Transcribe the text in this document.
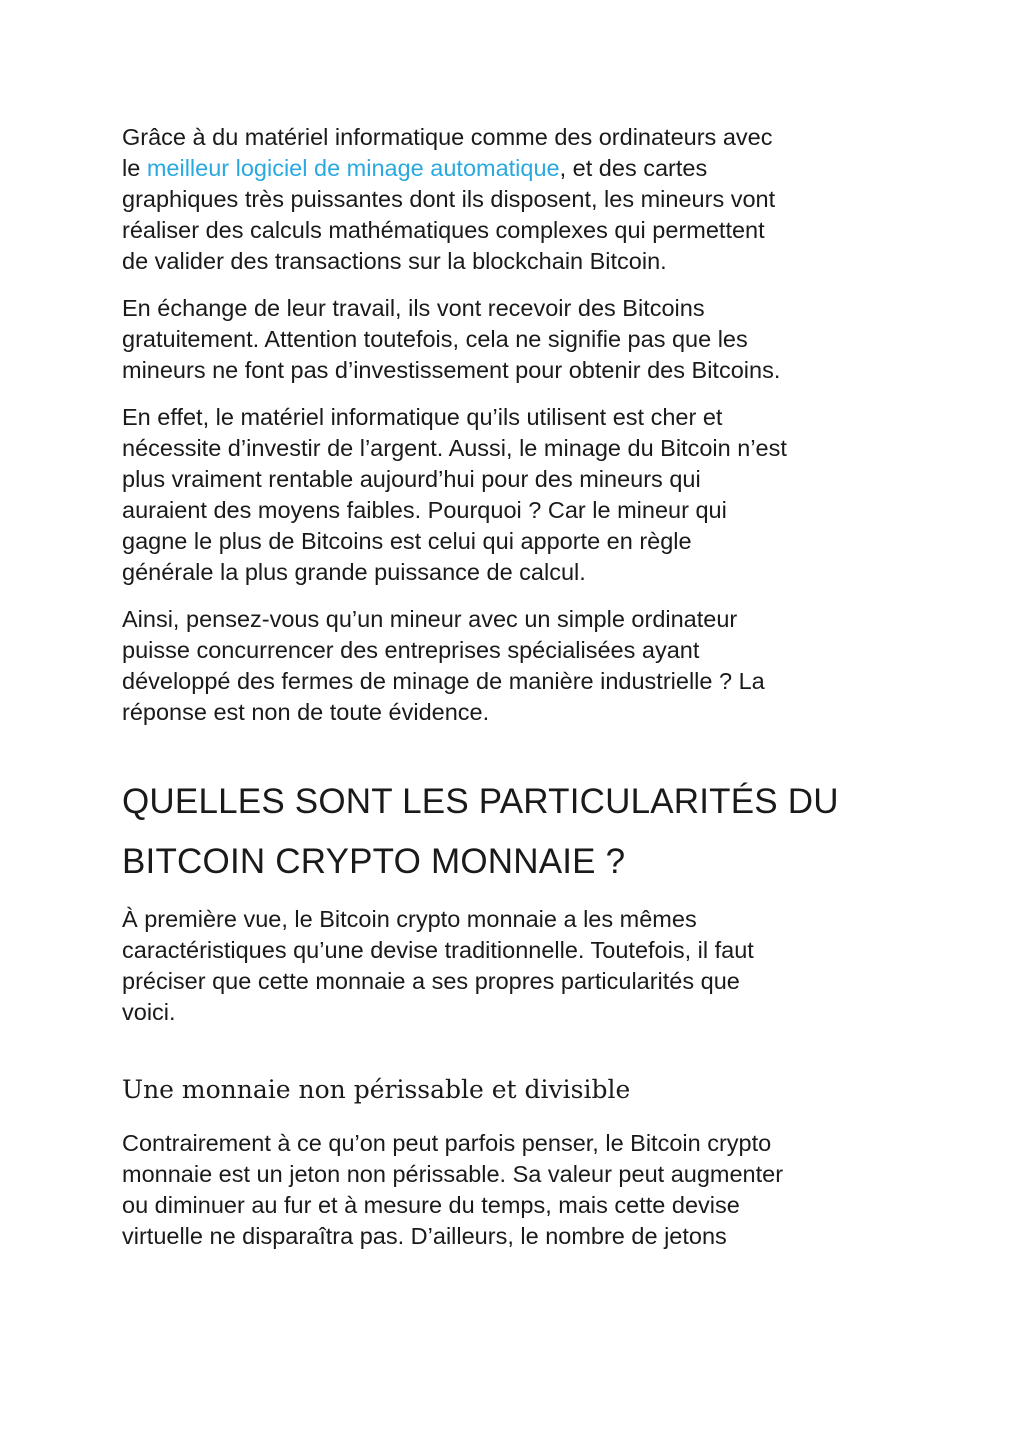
Grâce à du matériel informatique comme des ordinateurs avec
le meilleur logiciel de minage automatique, et des cartes
graphiques très puissantes dont ils disposent, les mineurs vont
réaliser des calculs mathématiques complexes qui permettent
de valider des transactions sur la blockchain Bitcoin.

En échange de leur travail, ils vont recevoir des Bitcoins
gratuitement. Attention toutefois, cela ne signifie pas que les
mineurs ne font pas d’investissement pour obtenir des Bitcoins.

En effet, le matériel informatique qu’ils utilisent est cher et
nécessite d’investir de l’argent. Aussi, le minage du Bitcoin n’est
plus vraiment rentable aujourd’hui pour des mineurs qui
auraient des moyens faibles. Pourquoi ? Car le mineur qui
gagne le plus de Bitcoins est celui qui apporte en règle
générale la plus grande puissance de calcul.

Ainsi, pensez-vous qu’un mineur avec un simple ordinateur
puisse concurrencer des entreprises spécialisées ayant
développé des fermes de minage de manière industrielle ? La
réponse est non de toute évidence.

QUELLES SONT LES PARTICULARITÉS DU
BITCOIN CRYPTO MONNAIE ?

À première vue, le Bitcoin crypto monnaie a les mêmes
caractéristiques qu’une devise traditionnelle. Toutefois, il faut
préciser que cette monnaie a ses propres particularités que
voici.

Une monnaie non périssable et divisible

Contrairement à ce qu’on peut parfois penser, le Bitcoin crypto
monnaie est un jeton non périssable. Sa valeur peut augmenter
ou diminuer au fur et à mesure du temps, mais cette devise
virtuelle ne disparaîtra pas. D’ailleurs, le nombre de jetons
